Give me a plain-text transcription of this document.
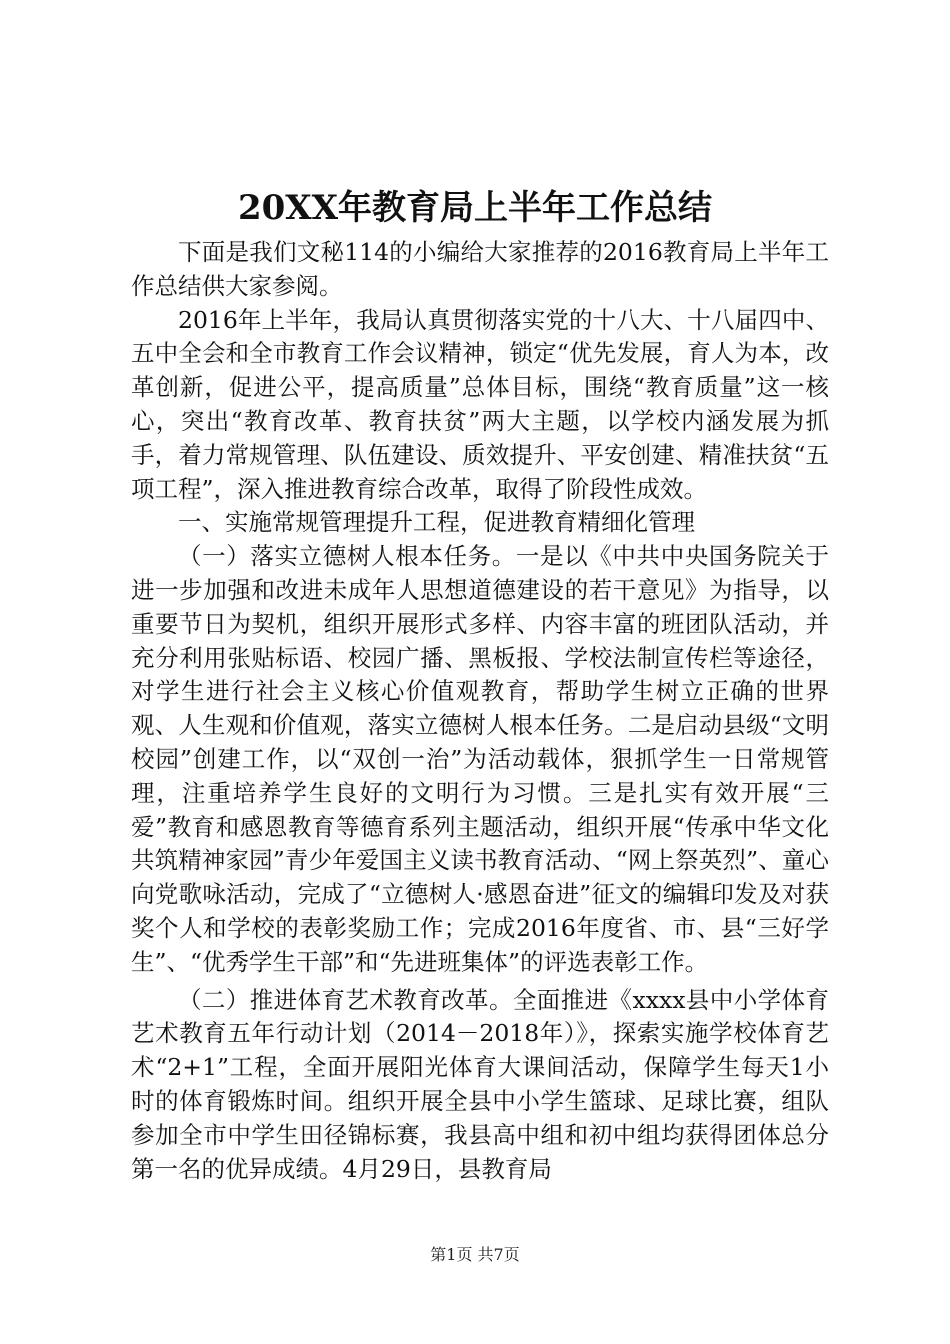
20XX年教育局上半年工作总结

下面是我们文秘114的小编给大家推荐的2016教育局上半年工作总结供大家参阅。

2016年上半年，我局认真贯彻落实党的十八大、十八届四中、五中全会和全市教育工作会议精神，锁定“优先发展，育人为本，改革创新，促进公平，提高质量”总体目标，围绕“教育质量”这一核心，突出“教育改革、教育扶贫”两大主题，以学校内涵发展为抓手，着力常规管理、队伍建设、质效提升、平安创建、精准扶贫“五项工程”，深入推进教育综合改革，取得了阶段性成效。

一、实施常规管理提升工程，促进教育精细化管理

（一）落实立德树人根本任务。一是以《中共中央国务院关于进一步加强和改进未成年人思想道德建设的若干意见》为指导，以重要节日为契机，组织开展形式多样、内容丰富的班团队活动，并充分利用张贴标语、校园广播、黑板报、学校法制宣传栏等途径，对学生进行社会主义核心价值观教育，帮助学生树立正确的世界观、人生观和价值观，落实立德树人根本任务。二是启动县级“文明校园”创建工作，以“双创一治”为活动载体，狠抓学生一日常规管理，注重培养学生良好的文明行为习惯。三是扎实有效开展“三爱”教育和感恩教育等德育系列主题活动，组织开展“传承中华文化共筑精神家园”青少年爱国主义读书教育活动、“网上祭英烈”、童心向党歌咏活动，完成了“立德树人·感恩奋进”征文的编辑印发及对获奖个人和学校的表彰奖励工作；完成2016年度省、市、县“三好学生”、“优秀学生干部”和“先进班集体”的评选表彰工作。

（二）推进体育艺术教育改革。全面推进《xxxx县中小学体育艺术教育五年行动计划（2014－2018年）》，探索实施学校体育艺术“2+1”工程，全面开展阳光体育大课间活动，保障学生每天1小时的体育锻炼时间。组织开展全县中小学生篮球、足球比赛，组队参加全市中学生田径锦标赛，我县高中组和初中组均获得团体总分第一名的优异成绩。4月29日，县教育局

第1页 共7页
